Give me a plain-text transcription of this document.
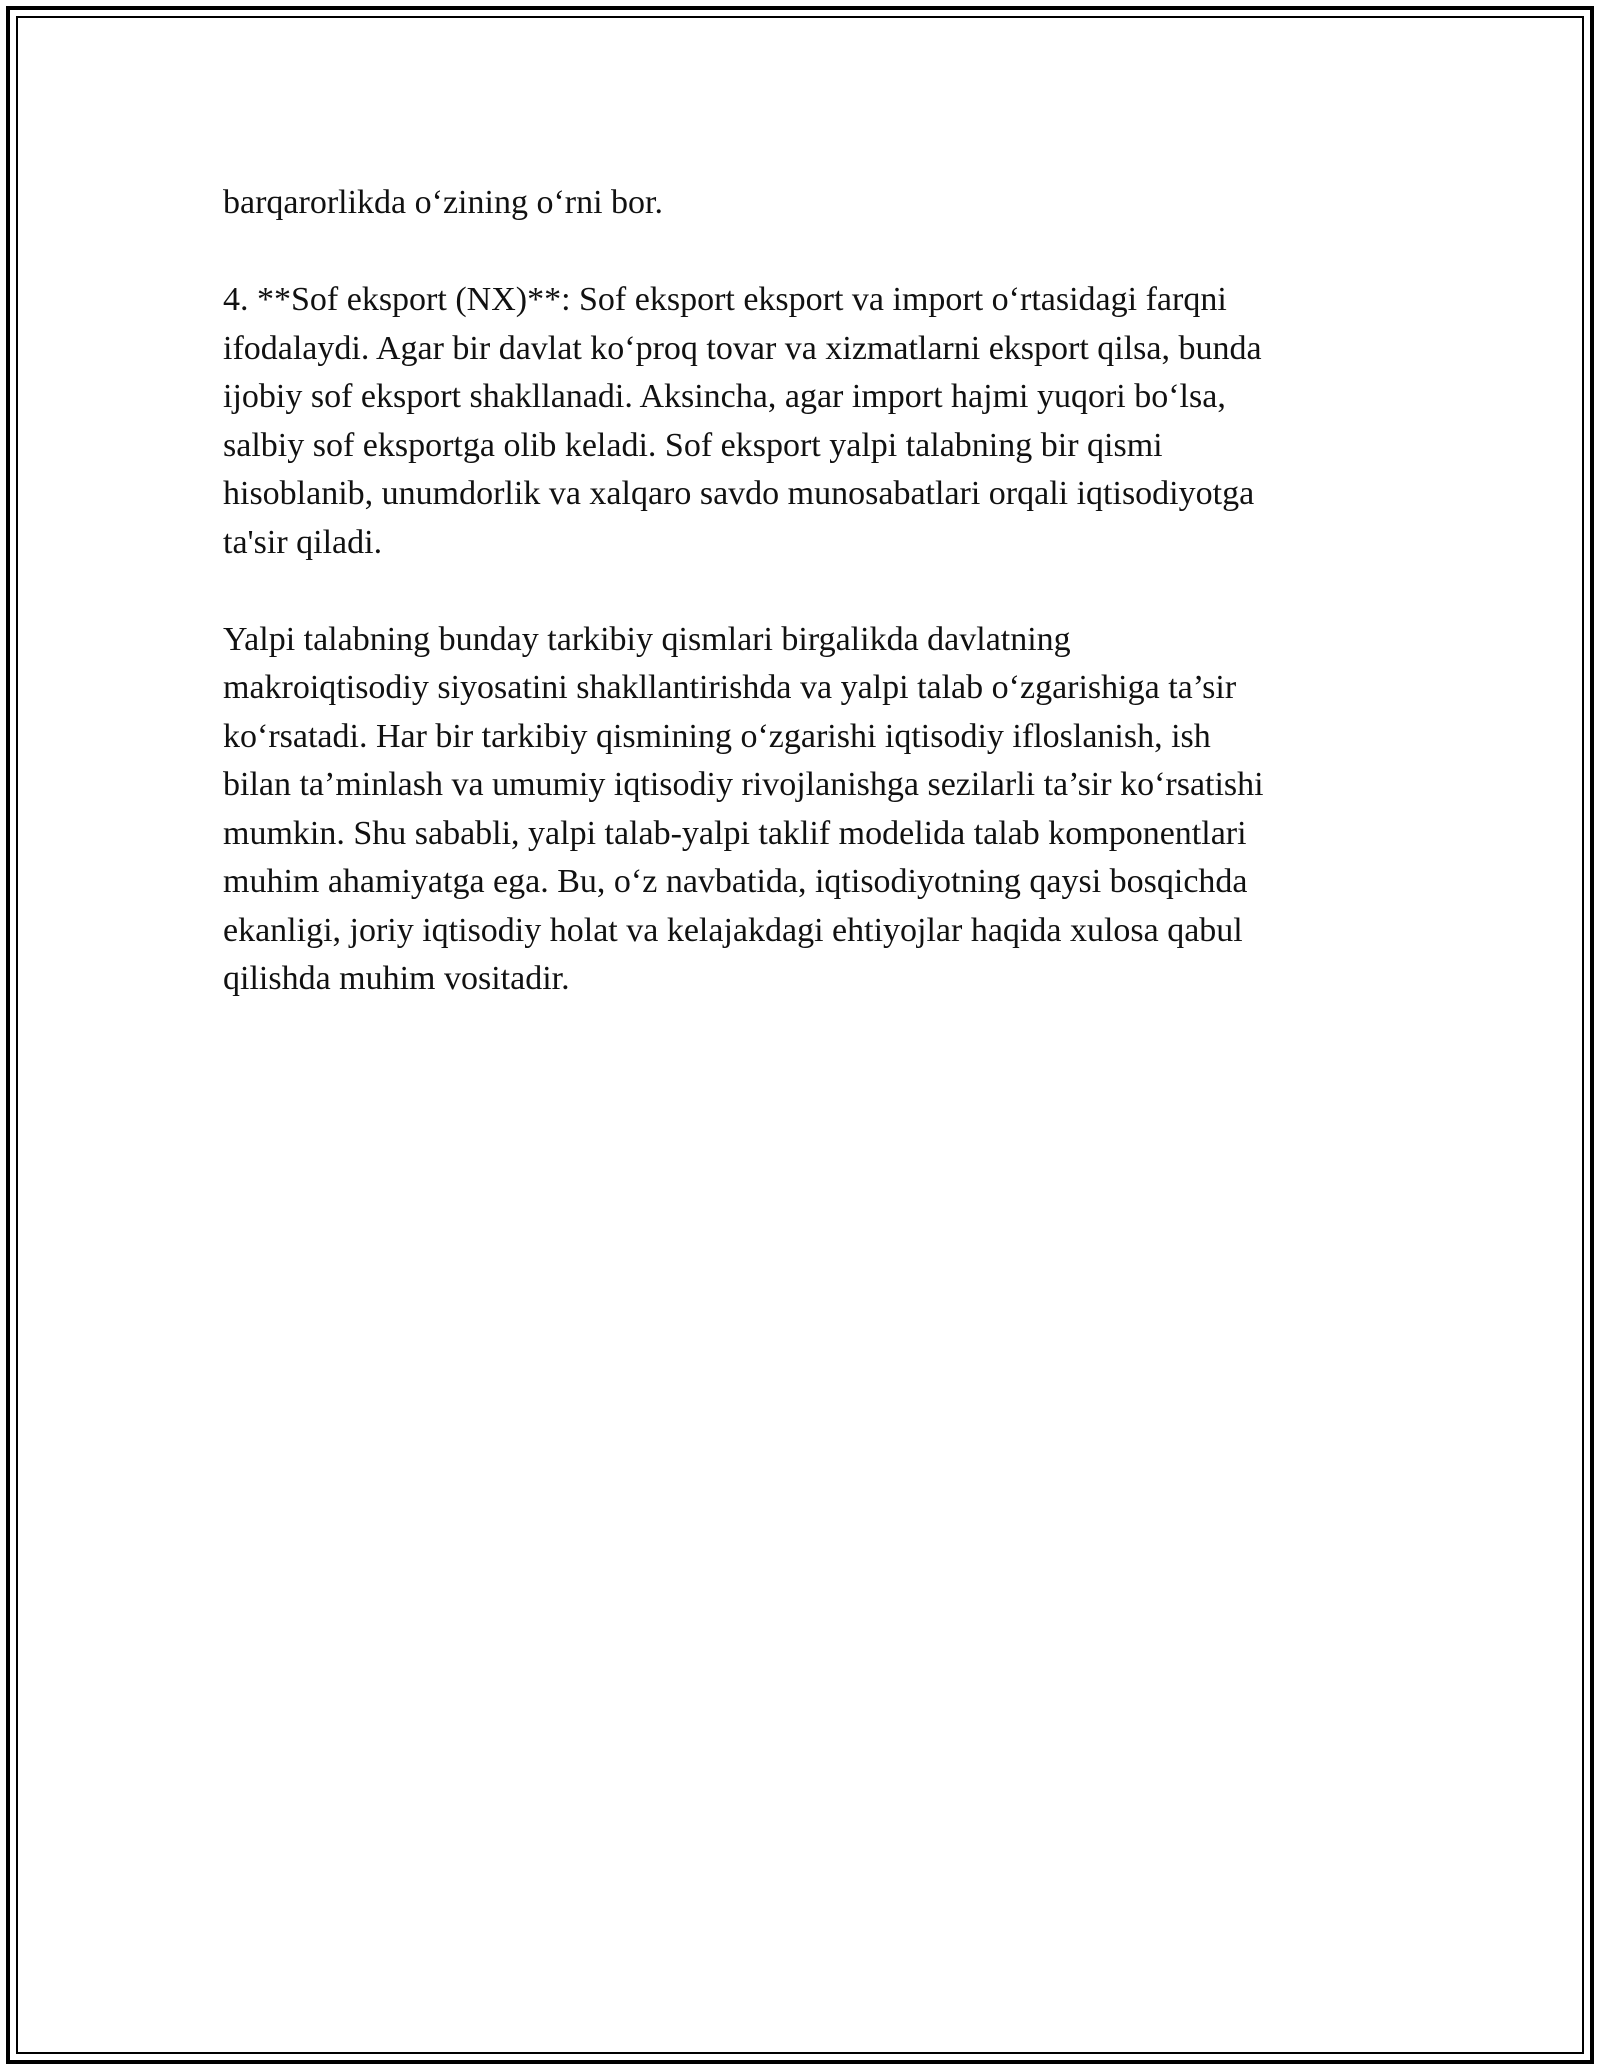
barqarorlikda o‘zining o‘rni bor.

4. **Sof eksport (NX)**: Sof eksport eksport va import o‘rtasidagi farqni
ifodalaydi. Agar bir davlat ko‘proq tovar va xizmatlarni eksport qilsa, bunda
ijobiy sof eksport shakllanadi. Aksincha, agar import hajmi yuqori bo‘lsa,
salbiy sof eksportga olib keladi. Sof eksport yalpi talabning bir qismi
hisoblanib, unumdorlik va xalqaro savdo munosabatlari orqali iqtisodiyotga
ta'sir qiladi.

Yalpi talabning bunday tarkibiy qismlari birgalikda davlatning
makroiqtisodiy siyosatini shakllantirishda va yalpi talab o‘zgarishiga ta’sir
ko‘rsatadi. Har bir tarkibiy qismining o‘zgarishi iqtisodiy ifloslanish, ish
bilan ta’minlash va umumiy iqtisodiy rivojlanishga sezilarli ta’sir ko‘rsatishi
mumkin. Shu sababli, yalpi talab-yalpi taklif modelida talab komponentlari
muhim ahamiyatga ega. Bu, o‘z navbatida, iqtisodiyotning qaysi bosqichda
ekanligi, joriy iqtisodiy holat va kelajakdagi ehtiyojlar haqida xulosa qabul
qilishda muhim vositadir.
